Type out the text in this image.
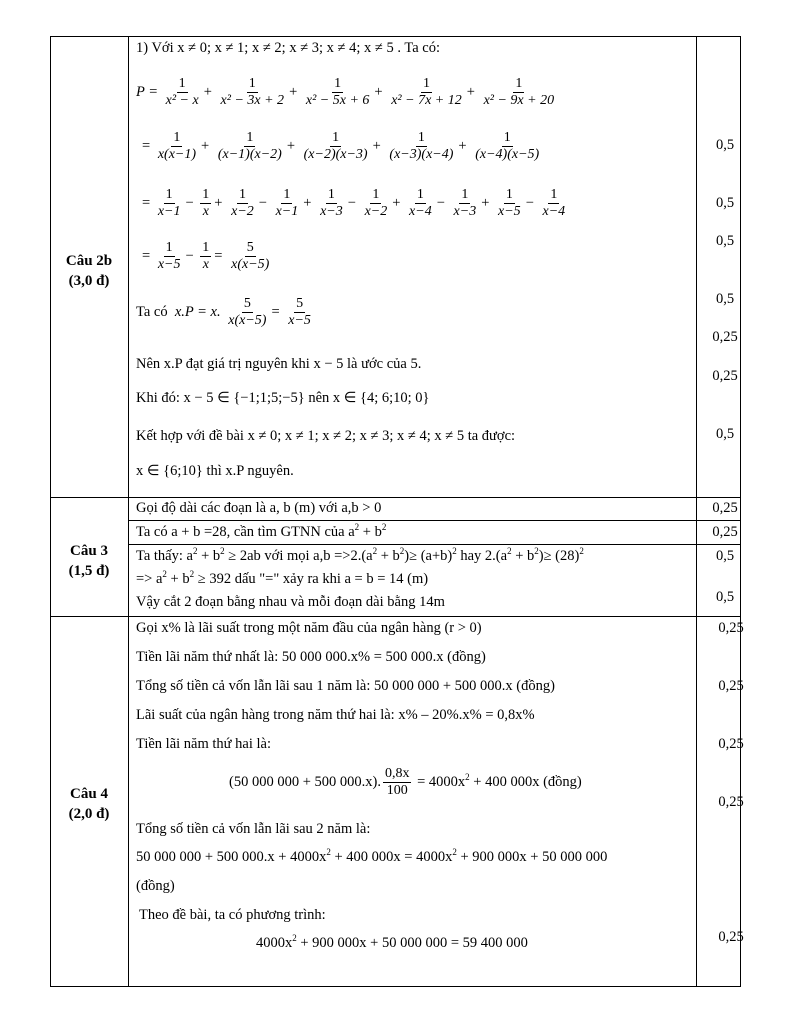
Câu 2b
(3,0 đ)
Câu 3
(1,5 đ)
Câu 4
(2,0 đ)
1) Với x ≠ 0; x ≠ 1; x ≠ 2; x ≠ 3; x ≠ 4; x ≠ 5 . Ta có:
$P = \frac{1}{\text{x² − x}} + \frac{1}{\text{x² − 3x + 2}} + \frac{1}{\text{x² − 5x + 6}} + \frac{1}{\text{x² − 7x + 12}} + \frac{1}{\text{x² − 9x + 20}}$
= $\frac{1}{x(x-1)} + \frac{1}{(x-1)(x-2)} + \frac{1}{(x-2)(x-3)} + \frac{1}{(x-3)(x-4)} + \frac{1}{(x-4)(x-5)}$
= $\frac{1}{x-1} - \frac{1}{x} + \frac{1}{x-2} - \frac{1}{x-1} + \frac{1}{x-3} - \frac{1}{x-2} + \frac{1}{x-4} - \frac{1}{x-3} + \frac{1}{x-5} - \frac{1}{x-4}$
= $\frac{1}{x-5} - \frac{1}{x} = \frac{5}{x(x-5)}$
Ta có x.P = x. $\frac{5}{x(x-5)} = \frac{5}{x-5}$
Nên x.P đạt giá trị nguyên khi x − 5 là ước của 5.
Khi đó: x − 5 ∈ {−1;1;5;−5} nên x ∈ {4; 6;10; 0}
Kết hợp với đề bài x ≠ 0; x ≠ 1; x ≠ 2; x ≠ 3; x ≠ 4; x ≠ 5 ta được:
x ∈ {6;10} thì x.P nguyên.
0,5
0,5
0,5
0,5
0,25
0,25
0,5
Gọi độ dài các đoạn là a, b (m) với a,b > 0
Ta có a + b =28, cần tìm GTNN của $a^2 + b^2$
Ta thấy: $a^2 + b^2 \ge 2ab$ với mọi $a,b =>2.(a^2 + b^2)\ge (a+b)^2$ hay $2.(a^2 + b^2)\ge (28)^2$
=> $a^2 + b^2 \ge 392$ dấu "=" xảy ra khi a = b = 14 (m)
Vậy cắt 2 đoạn bằng nhau và mỗi đoạn dài bằng 14m
0,25
0,25
0,5
0,5
Gọi x% là lãi suất trong một năm đầu của ngân hàng (r > 0)
Tiền lãi năm thứ nhất là: 50 000 000.x% = 500 000.x (đồng)
Tổng số tiền cả vốn lẫn lãi sau 1 năm là: 50 000 000 + 500 000.x (đồng)
Lãi suất của ngân hàng trong năm thứ hai là: x% – 20%.x% = 0,8x%
Tiền lãi năm thứ hai là:
(50 000 000 + 500 000.x). $\frac{0,8x}{100} = 4000x^2 + 400$ 000x (đồng)
Tổng số tiền cả vốn lẫn lãi sau 2 năm là:
50 000 000 + 500 $000.x + 4000x^2 + 400$ $000x = 4000x^2 + 900$ 000x + 50 000 000
(đồng)
Theo đề bài, ta có phương trình:
$4000x^2 + 900$ 000x + 50 000 000 = 59 400 000
0,25
0,25
0,25
0,25
0,25
